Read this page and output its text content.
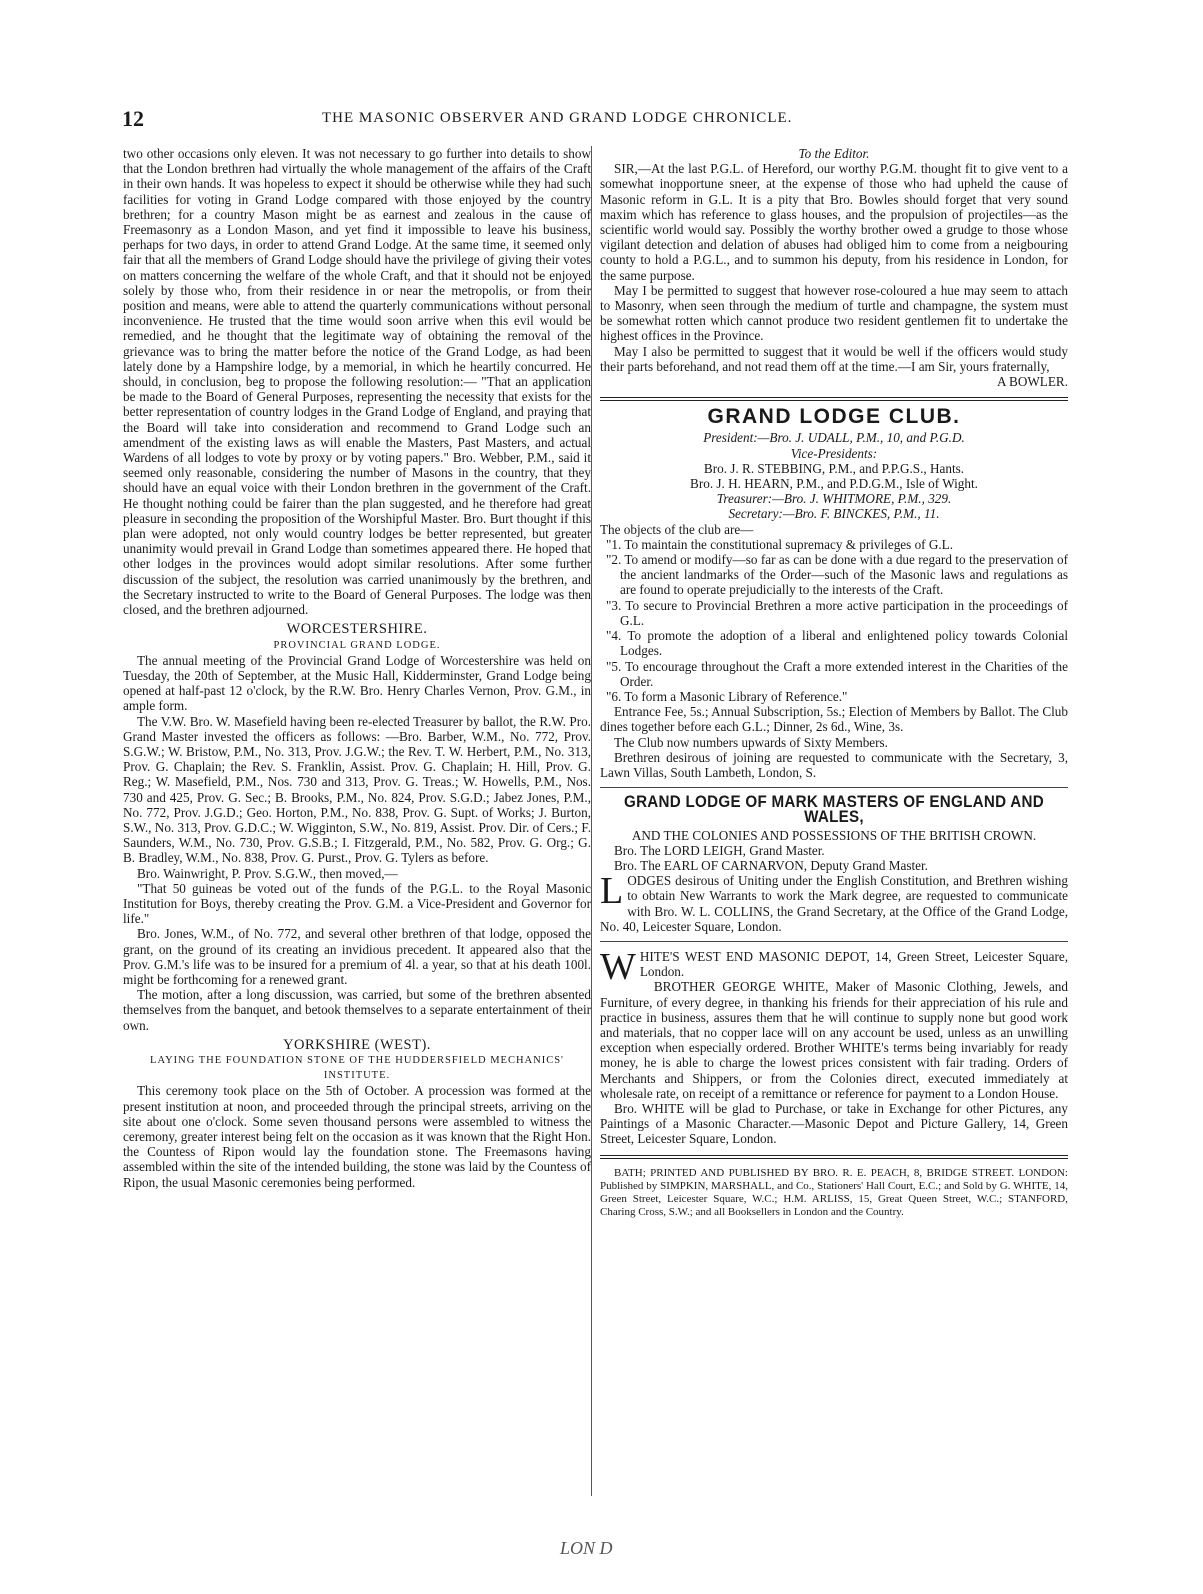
12	THE MASONIC OBSERVER AND GRAND LODGE CHRONICLE.

two other occasions only eleven. It was not necessary to go further into details to show that the London brethren had virtually the whole management of the affairs of the Craft in their own hands. It was hopeless to expect it should be otherwise while they had such facilities for voting in Grand Lodge compared with those enjoyed by the country brethren; for a country Mason might be as earnest and zealous in the cause of Freemasonry as a London Mason, and yet find it impossible to leave his business, perhaps for two days, in order to attend Grand Lodge. At the same time, it seemed only fair that all the members of Grand Lodge should have the privilege of giving their votes on matters concerning the welfare of the whole Craft, and that it should not be enjoyed solely by those who, from their residence in or near the metropolis, or from their position and means, were able to attend the quarterly communications without personal inconvenience. He trusted that the time would soon arrive when this evil would be remedied, and he thought that the legitimate way of obtaining the removal of the grievance was to bring the matter before the notice of the Grand Lodge, as had been lately done by a Hampshire lodge, by a memorial, in which he heartily concurred. He should, in conclusion, beg to propose the following resolution:— "That an application be made to the Board of General Purposes, representing the necessity that exists for the better representation of country lodges in the Grand Lodge of England, and praying that the Board will take into consideration and recommend to Grand Lodge such an amendment of the existing laws as will enable the Masters, Past Masters, and actual Wardens of all lodges to vote by proxy or by voting papers." Bro. Webber, P.M., said it seemed only reasonable, considering the number of Masons in the country, that they should have an equal voice with their London brethren in the government of the Craft. He thought nothing could be fairer than the plan suggested, and he therefore had great pleasure in seconding the proposition of the Worshipful Master. Bro. Burt thought if this plan were adopted, not only would country lodges be better represented, but greater unanimity would prevail in Grand Lodge than sometimes appeared there. He hoped that other lodges in the provinces would adopt similar resolutions. After some further discussion of the subject, the resolution was carried unanimously by the brethren, and the Secretary instructed to write to the Board of General Purposes. The lodge was then closed, and the brethren adjourned.

WORCESTERSHIRE.
PROVINCIAL GRAND LODGE.

The annual meeting of the Provincial Grand Lodge of Worcestershire was held on Tuesday, the 20th of September, at the Music Hall, Kidderminster, Grand Lodge being opened at half-past 12 o'clock, by the R.W. Bro. Henry Charles Vernon, Prov. G.M., in ample form.

The V.W. Bro. W. Masefield having been re-elected Treasurer by ballot, the R.W. Pro. Grand Master invested the officers as follows: —Bro. Barber, W.M., No. 772, Prov. S.G.W.; W. Bristow, P.M., No. 313, Prov. J.G.W.; the Rev. T. W. Herbert, P.M., No. 313, Prov. G. Chaplain; the Rev. S. Franklin, Assist. Prov. G. Chaplain; H. Hill, Prov. G. Reg.; W. Masefield, P.M., Nos. 730 and 313, Prov. G. Treas.; W. Howells, P.M., Nos. 730 and 425, Prov. G. Sec.; B. Brooks, P.M., No. 824, Prov. S.G.D.; Jabez Jones, P.M., No. 772, Prov. J.G.D.; Geo. Horton, P.M., No. 838, Prov. G. Supt. of Works; J. Burton, S.W., No. 313, Prov. G.D.C.; W. Wigginton, S.W., No. 819, Assist. Prov. Dir. of Cers.; F. Saunders, W.M., No. 730, Prov. G.S.B.; I. Fitzgerald, P.M., No. 582, Prov. G. Org.; G. B. Bradley, W.M., No. 838, Prov. G. Purst., Prov. G. Tylers as before.

Bro. Wainwright, P. Prov. S.G.W., then moved,—

"That 50 guineas be voted out of the funds of the P.G.L. to the Royal Masonic Institution for Boys, thereby creating the Prov. G.M. a Vice-President and Governor for life."

Bro. Jones, W.M., of No. 772, and several other brethren of that lodge, opposed the grant, on the ground of its creating an invidious precedent. It appeared also that the Prov. G.M.'s life was to be insured for a premium of 4l. a year, so that at his death 100l. might be forthcoming for a renewed grant.

The motion, after a long discussion, was carried, but some of the brethren absented themselves from the banquet, and betook themselves to a separate entertainment of their own.

YORKSHIRE (WEST).
LAYING THE FOUNDATION STONE OF THE HUDDERSFIELD MECHANICS' INSTITUTE.

This ceremony took place on the 5th of October. A procession was formed at the present institution at noon, and proceeded through the principal streets, arriving on the site about one o'clock. Some seven thousand persons were assembled to witness the ceremony, greater interest being felt on the occasion as it was known that the Right Hon. the Countess of Ripon would lay the foundation stone. The Freemasons having assembled within the site of the intended building, the stone was laid by the Countess of Ripon, the usual Masonic ceremonies being performed.

To the Editor.

SIR,—At the last P.G.L. of Hereford, our worthy P.G.M. thought fit to give vent to a somewhat inopportune sneer, at the expense of those who had upheld the cause of Masonic reform in G.L. It is a pity that Bro. Bowles should forget that very sound maxim which has reference to glass houses, and the propulsion of projectiles—as the scientific world would say. Possibly the worthy brother owed a grudge to those whose vigilant detection and delation of abuses had obliged him to come from a neigbouring county to hold a P.G.L., and to summon his deputy, from his residence in London, for the same purpose.

May I be permitted to suggest that however rose-coloured a hue may seem to attach to Masonry, when seen through the medium of turtle and champagne, the system must be somewhat rotten which cannot produce two resident gentlemen fit to undertake the highest offices in the Province.

May I also be permitted to suggest that it would be well if the officers would study their parts beforehand, and not read them off at the time.—I am Sir, yours fraternally,

A BOWLER.

GRAND LODGE CLUB.

President:—Bro. J. UDALL, P.M., 10, and P.G.D.

Vice-Presidents:

Bro. J. R. STEBBING, P.M., and P.P.G.S., Hants.

Bro. J. H. HEARN, P.M., and P.D.G.M., Isle of Wight.

Treasurer:—Bro. J. WHITMORE, P.M., 329.

Secretary:—Bro. F. BINCKES, P.M., 11.

The objects of the club are—

"1. To maintain the constitutional supremacy & privileges of G.L.

"2. To amend or modify—so far as can be done with a due regard to the preservation of the ancient landmarks of the Order—such of the Masonic laws and regulations as are found to operate prejudicially to the interests of the Craft.

"3. To secure to Provincial Brethren a more active participation in the proceedings of G.L.

"4. To promote the adoption of a liberal and enlightened policy towards Colonial Lodges.

"5. To encourage throughout the Craft a more extended interest in the Charities of the Order.

"6. To form a Masonic Library of Reference."

Entrance Fee, 5s.; Annual Subscription, 5s.; Election of Members by Ballot. The Club dines together before each G.L.; Dinner, 2s 6d., Wine, 3s.

The Club now numbers upwards of Sixty Members.

Brethren desirous of joining are requested to communicate with the Secretary, 3, Lawn Villas, South Lambeth, London, S.

GRAND LODGE OF MARK MASTERS OF ENGLAND AND WALES,

AND THE COLONIES AND POSSESSIONS OF THE BRITISH CROWN.

Bro. The LORD LEIGH, Grand Master.

Bro. The EARL OF CARNARVON, Deputy Grand Master.

LODGES desirous of Uniting under the English Constitution, and Brethren wishing to obtain New Warrants to work the Mark degree, are requested to communicate with Bro. W. L. COLLINS, the Grand Secretary, at the Office of the Grand Lodge, No. 40, Leicester Square, London.

WHITE'S WEST END MASONIC DEPOT, 14, Green Street, Leicester Square, London.

BROTHER GEORGE WHITE, Maker of Masonic Clothing, Jewels, and Furniture, of every degree, in thanking his friends for their appreciation of his rule and practice in business, assures them that he will continue to supply none but good work and materials, that no copper lace will on any account be used, unless as an unwilling exception when especially ordered. Brother WHITE's terms being invariably for ready money, he is able to charge the lowest prices consistent with fair trading. Orders of Merchants and Shippers, or from the Colonies direct, executed immediately at wholesale rate, on receipt of a remittance or reference for payment to a London House.

Bro. WHITE will be glad to Purchase, or take in Exchange for other Pictures, any Paintings of a Masonic Character.—Masonic Depot and Picture Gallery, 14, Green Street, Leicester Square, London.

BATH; PRINTED AND PUBLISHED BY BRO. R. E. PEACH, 8, BRIDGE STREET. LONDON: Published by SIMPKIN, MARSHALL, and Co., Stationers' Hall Court, E.C.; and Sold by G. WHITE, 14, Green Street, Leicester Square, W.C.; H.M. ARLISS, 15, Great Queen Street, W.C.; STANFORD, Charing Cross, S.W.; and all Booksellers in London and the Country.

LON D
